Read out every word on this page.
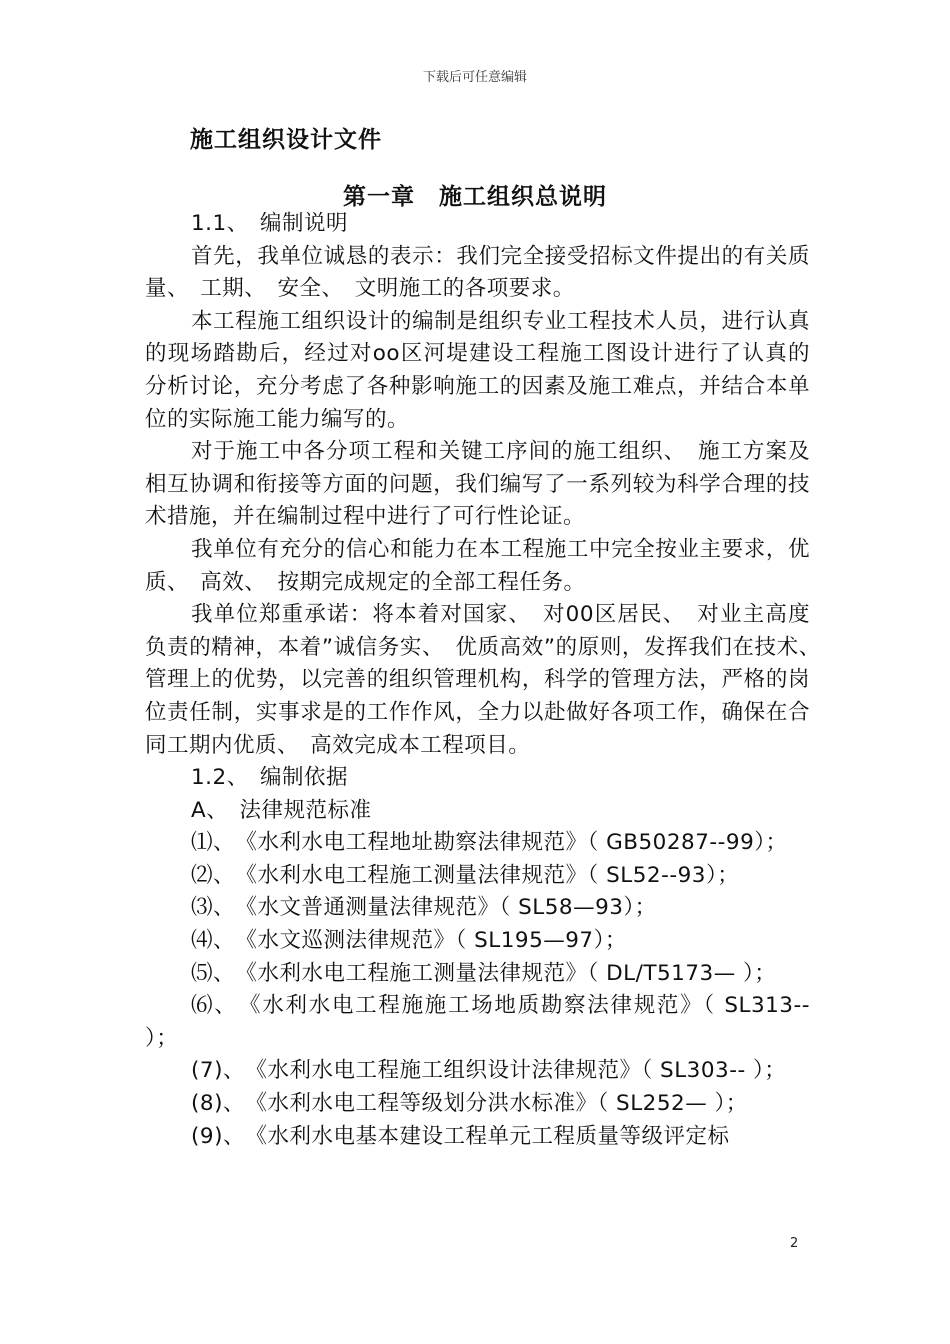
下载后可任意编辑
施工组织设计文件
第一章　施工组织总说明

1.1、　编制说明

首先，我单位诚恳的表示：我们完全接受招标文件提出的有关质量、　工期、　安全、　文明施工的各项要求。

本工程施工组织设计的编制是组织专业工程技术人员，进行认真的现场踏勘后，经过对oo区河堤建设工程施工图设计进行了认真的分析讨论，充分考虑了各种影响施工的因素及施工难点，并结合本单位的实际施工能力编写的。

对于施工中各分项工程和关键工序间的施工组织、　施工方案及相互协调和衔接等方面的问题，我们编写了一系列较为科学合理的技术措施，并在编制过程中进行了可行性论证。

我单位有充分的信心和能力在本工程施工中完全按业主要求，优质、　高效、　按期完成规定的全部工程任务。

我单位郑重承诺：将本着对国家、　对00区居民、　对业主高度负责的精神，本着”诚信务实、　优质高效”的原则，发挥我们在技术、　管理上的优势，以完善的组织管理机构，科学的管理方法，严格的岗位责任制，实事求是的工作作风，全力以赴做好各项工作，确保在合同工期内优质、　高效完成本工程项目。

1.2、　编制依据

A、　法律规范标准

⑴、　《水利水电工程地址勘察法律规范》（ GB50287--99）；

⑵、　《水利水电工程施工测量法律规范》（ SL52--93）；

⑶、　《水文普通测量法律规范》（ SL58—93）；

⑷、　《水文巡测法律规范》（ SL195—97）；

⑸、　《水利水电工程施工测量法律规范》（ DL/T5173— ）；

⑹、　《水利水电工程施施工场地质勘察法律规范》（ SL313-- ）；

(7)、　《水利水电工程施工组织设计法律规范》（ SL303-- ）；

(8)、　《水利水电工程等级划分洪水标准》（ SL252— ）；

(9)、　《水利水电基本建设工程单元工程质量等级评定标

2
